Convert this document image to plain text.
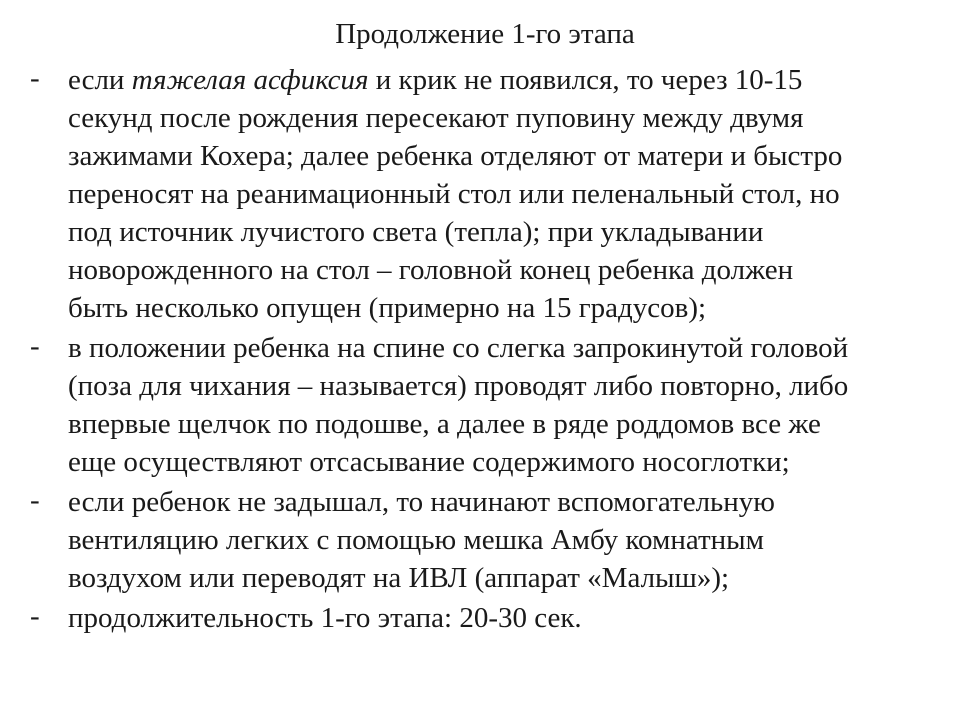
Продолжение 1-го этапа
- если тяжелая асфиксия и крик не появился, то через 10-15 секунд после рождения пересекают пуповину между двумя зажимами Кохера; далее ребенка отделяют от матери и быстро переносят на реанимационный стол или пеленальный стол, но под источник лучистого света (тепла); при укладывании новорожденного на стол – головной конец ребенка должен быть несколько опущен (примерно на 15 градусов);
- в положении ребенка на спине со слегка запрокинутой головой (поза для чихания – называется) проводят либо повторно, либо впервые щелчок по подошве, а далее в ряде роддомов все же еще осуществляют отсасывание содержимого носоглотки;
- если ребенок не задышал, то начинают вспомогательную вентиляцию легких с помощью мешка Амбу комнатным воздухом или переводят на ИВЛ (аппарат «Малыш»);
- продолжительность 1-го этапа: 20-30 сек.
